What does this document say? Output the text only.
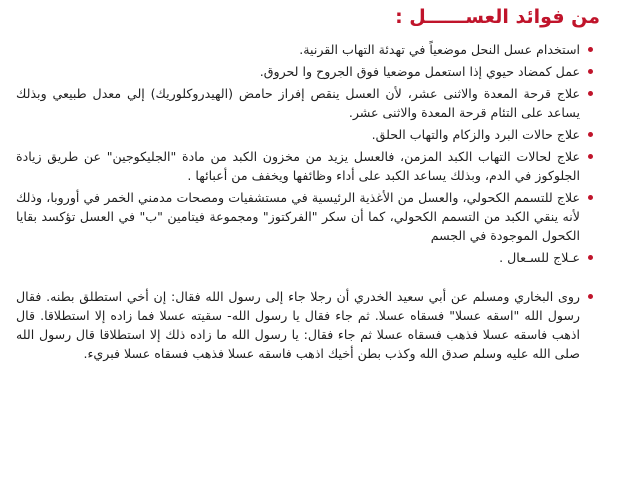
من فوائد العســــــل :
استخدام عسل النحل موضعياً في تهدئة التهاب القرنية.
عمل كمضاد حيوي إذا استعمل موضعيا فوق الجروح وا لحروق.
علاج قرحة المعدة والاثنى عشر، لأن العسل ينقص إفراز حامض (الهيدروكلوريك) إلي معدل طبيعي وبذلك يساعد على التئام قرحة المعدة والاثنى عشر.
علاج حالات البرد والزكام والتهاب الحلق.
علاج لحالات التهاب الكبد المزمن، فالعسل يزيد من مخزون الكبد من مادة "الجليكوجين" عن طريق زيادة الجلوكوز في الدم، وبذلك يساعد الكبد على أداء وظائفها ويخفف من أعبائها .
علاج للتسمم الكحولي، والعسل من الأغذية الرئيسية في مستشفيات ومصحات مدمني الخمر في أوروبا، وذلك لأنه ينقي الكبد من التسمم الكحولي، كما أن سكر "الفركتوز" ومجموعة فيتامين "ب" في العسل تؤكسد بقايا الكحول الموجودة في الجسم
عـلاج للسـعال .
روى البخاري ومسلم عن أبي سعيد الخدري أن رجلا جاء إلى رسول الله فقال: إن أخي استطلق بطنه. فقال رسول الله "اسقه عسلا" فسقاه عسلا. ثم جاء فقال يا رسول الله- سقيته عسلا فما زاده إلا استطلاقا. قال اذهب فاسقه عسلا فذهب فسقاه عسلا ثم جاء فقال: يا رسول الله ما زاده ذلك إلا استطلاقا قال رسول الله صلى الله عليه وسلم صدق الله وكذب بطن أخيك اذهب فاسقه عسلا فذهب فسقاه عسلا فبريء.
